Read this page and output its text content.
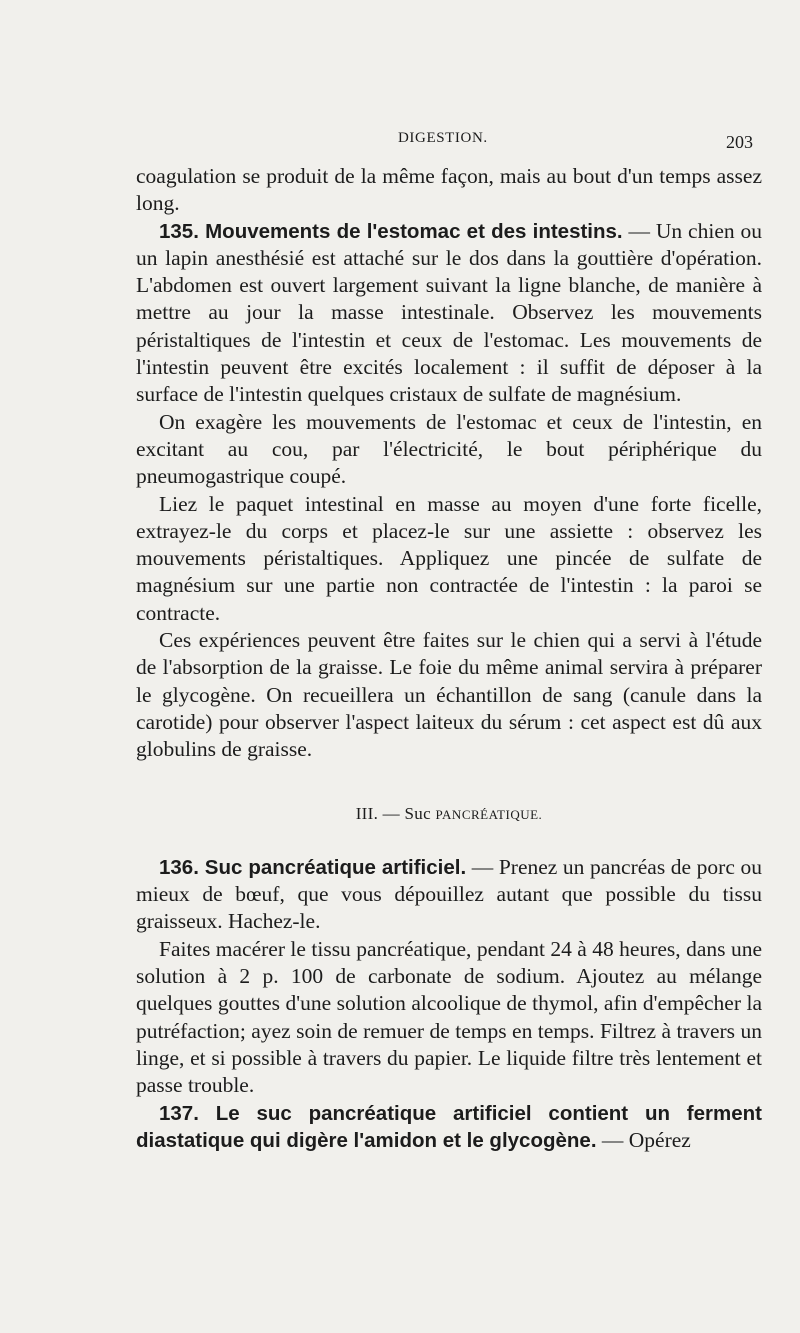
DIGESTION.	203

coagulation se produit de la même façon, mais au bout d'un temps assez long.

135. Mouvements de l'estomac et des intestins. — Un chien ou un lapin anesthésié est attaché sur le dos dans la gouttière d'opération. L'abdomen est ouvert largement suivant la ligne blanche, de manière à mettre au jour la masse intestinale. Observez les mouvements péristaltiques de l'intestin et ceux de l'estomac. Les mouvements de l'intestin peuvent être excités localement : il suffit de déposer à la surface de l'intestin quelques cristaux de sulfate de magnésium.

On exagère les mouvements de l'estomac et ceux de l'intestin, en excitant au cou, par l'électricité, le bout périphérique du pneumogastrique coupé.

Liez le paquet intestinal en masse au moyen d'une forte ficelle, extrayez-le du corps et placez-le sur une assiette : observez les mouvements péristaltiques. Appliquez une pincée de sulfate de magnésium sur une partie non contractée de l'intestin : la paroi se contracte.

Ces expériences peuvent être faites sur le chien qui a servi à l'étude de l'absorption de la graisse. Le foie du même animal servira à préparer le glycogène. On recueillera un échantillon de sang (canule dans la carotide) pour observer l'aspect laiteux du sérum : cet aspect est dû aux globulins de graisse.

III. — Suc PANCRÉATIQUE.

136. Suc pancréatique artificiel. — Prenez un pancréas de porc ou mieux de bœuf, que vous dépouillez autant que possible du tissu graisseux. Hachez-le.

Faites macérer le tissu pancréatique, pendant 24 à 48 heures, dans une solution à 2 p. 100 de carbonate de sodium. Ajoutez au mélange quelques gouttes d'une solution alcoolique de thymol, afin d'empêcher la putréfaction; ayez soin de remuer de temps en temps. Filtrez à travers un linge, et si possible à travers du papier. Le liquide filtre très lentement et passe trouble.

137. Le suc pancréatique artificiel contient un ferment diastatique qui digère l'amidon et le glycogène. — Opérez
